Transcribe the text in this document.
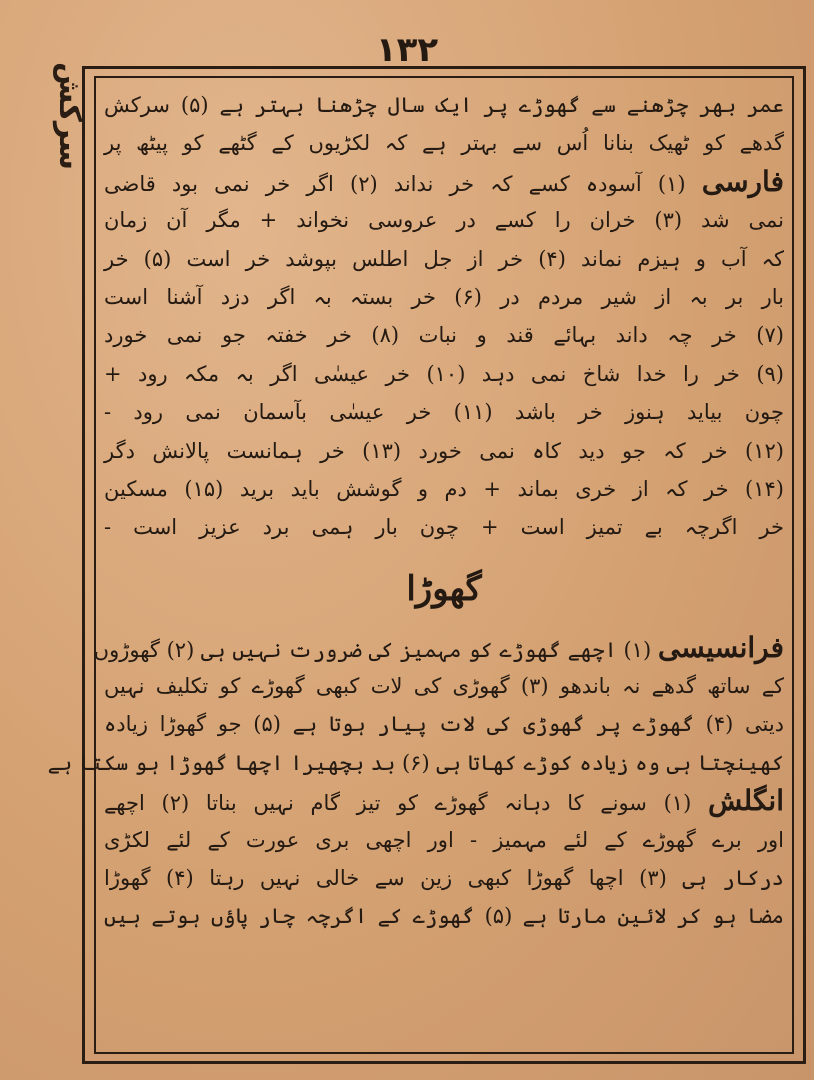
۱۳۲
سرکش عمر بھر چڑھنے سے گھوڑے پر ایک سال چڑھنا بہتر ہے (۵) سرکش
گدھے کو ٹھیک بنانا اُس سے بہتر ہے کہ لکڑیوں کے گٹھے کو پیٹھ پر
فارسی (۱) آسودہ کسے کہ خر نداند (۲) اگر خر نمی بود قاضی
نمی شد (۳) خران را کسے در عروسی نخواند + مگر آن زمان
کہ آب و ہیزم نماند (۴) خر از جل اطلس بپوشد خر است (۵) خر
بار بر بہ از شیر مردم در (۶) خر بستہ بہ اگر دزد آشنا است
(۷) خر چہ داند بہائے قند و نبات (۸) خر خفتہ جو نمی خورد
(۹) خر را خدا شاخ نمی دہد (۱۰) خر عیسٰی اگر بہ مکہ رود +
چون بیاید ہنوز خر باشد (۱۱) خر عیسٰی بآسمان نمی رود -
(۱۲) خر کہ جو دید کاہ نمی خورد (۱۳) خر ہمانست پالانش دگر
(۱۴) خر کہ از خری بماند + دم و گوشش باید برید (۱۵) مسکین
خر اگرچہ بے تمیز است + چون بار ہمی برد عزیز است -
گھوڑا
فرانسیسی (۱) اچھے گھوڑے کو مہمیز کی ضرورت نہیں ہی (۲) گھوڑوں
کے ساتھ گدھے نہ باندھو (۳) گھوڑی کی لات کبھی گھوڑے کو تکلیف نہیں
دیتی (۴) گھوڑے پر گھوڑی کی لات پیار ہوتا ہے (۵) جو گھوڑا زیادہ
کھینچتا ہی وہ زیادہ کوڑے کھاتا ہی (۶) بد بچھیرا اچھا گھوڑا ہو سکتا ہے
انگلش (۱) سونے کا دہانہ گھوڑے کو تیز گام نہیں بناتا (۲) اچھے
اور برے گھوڑے کے لئے مہمیز - اور اچھی بری عورت کے لئے لکڑی
درکار ہی (۳) اچھا گھوڑا کبھی زین سے خالی نہیں رہتا (۴) گھوڑا
مضا ہو کر لائین مارتا ہے (۵) گھوڑے کے اگرچہ چار پاؤں ہوتے ہیں
